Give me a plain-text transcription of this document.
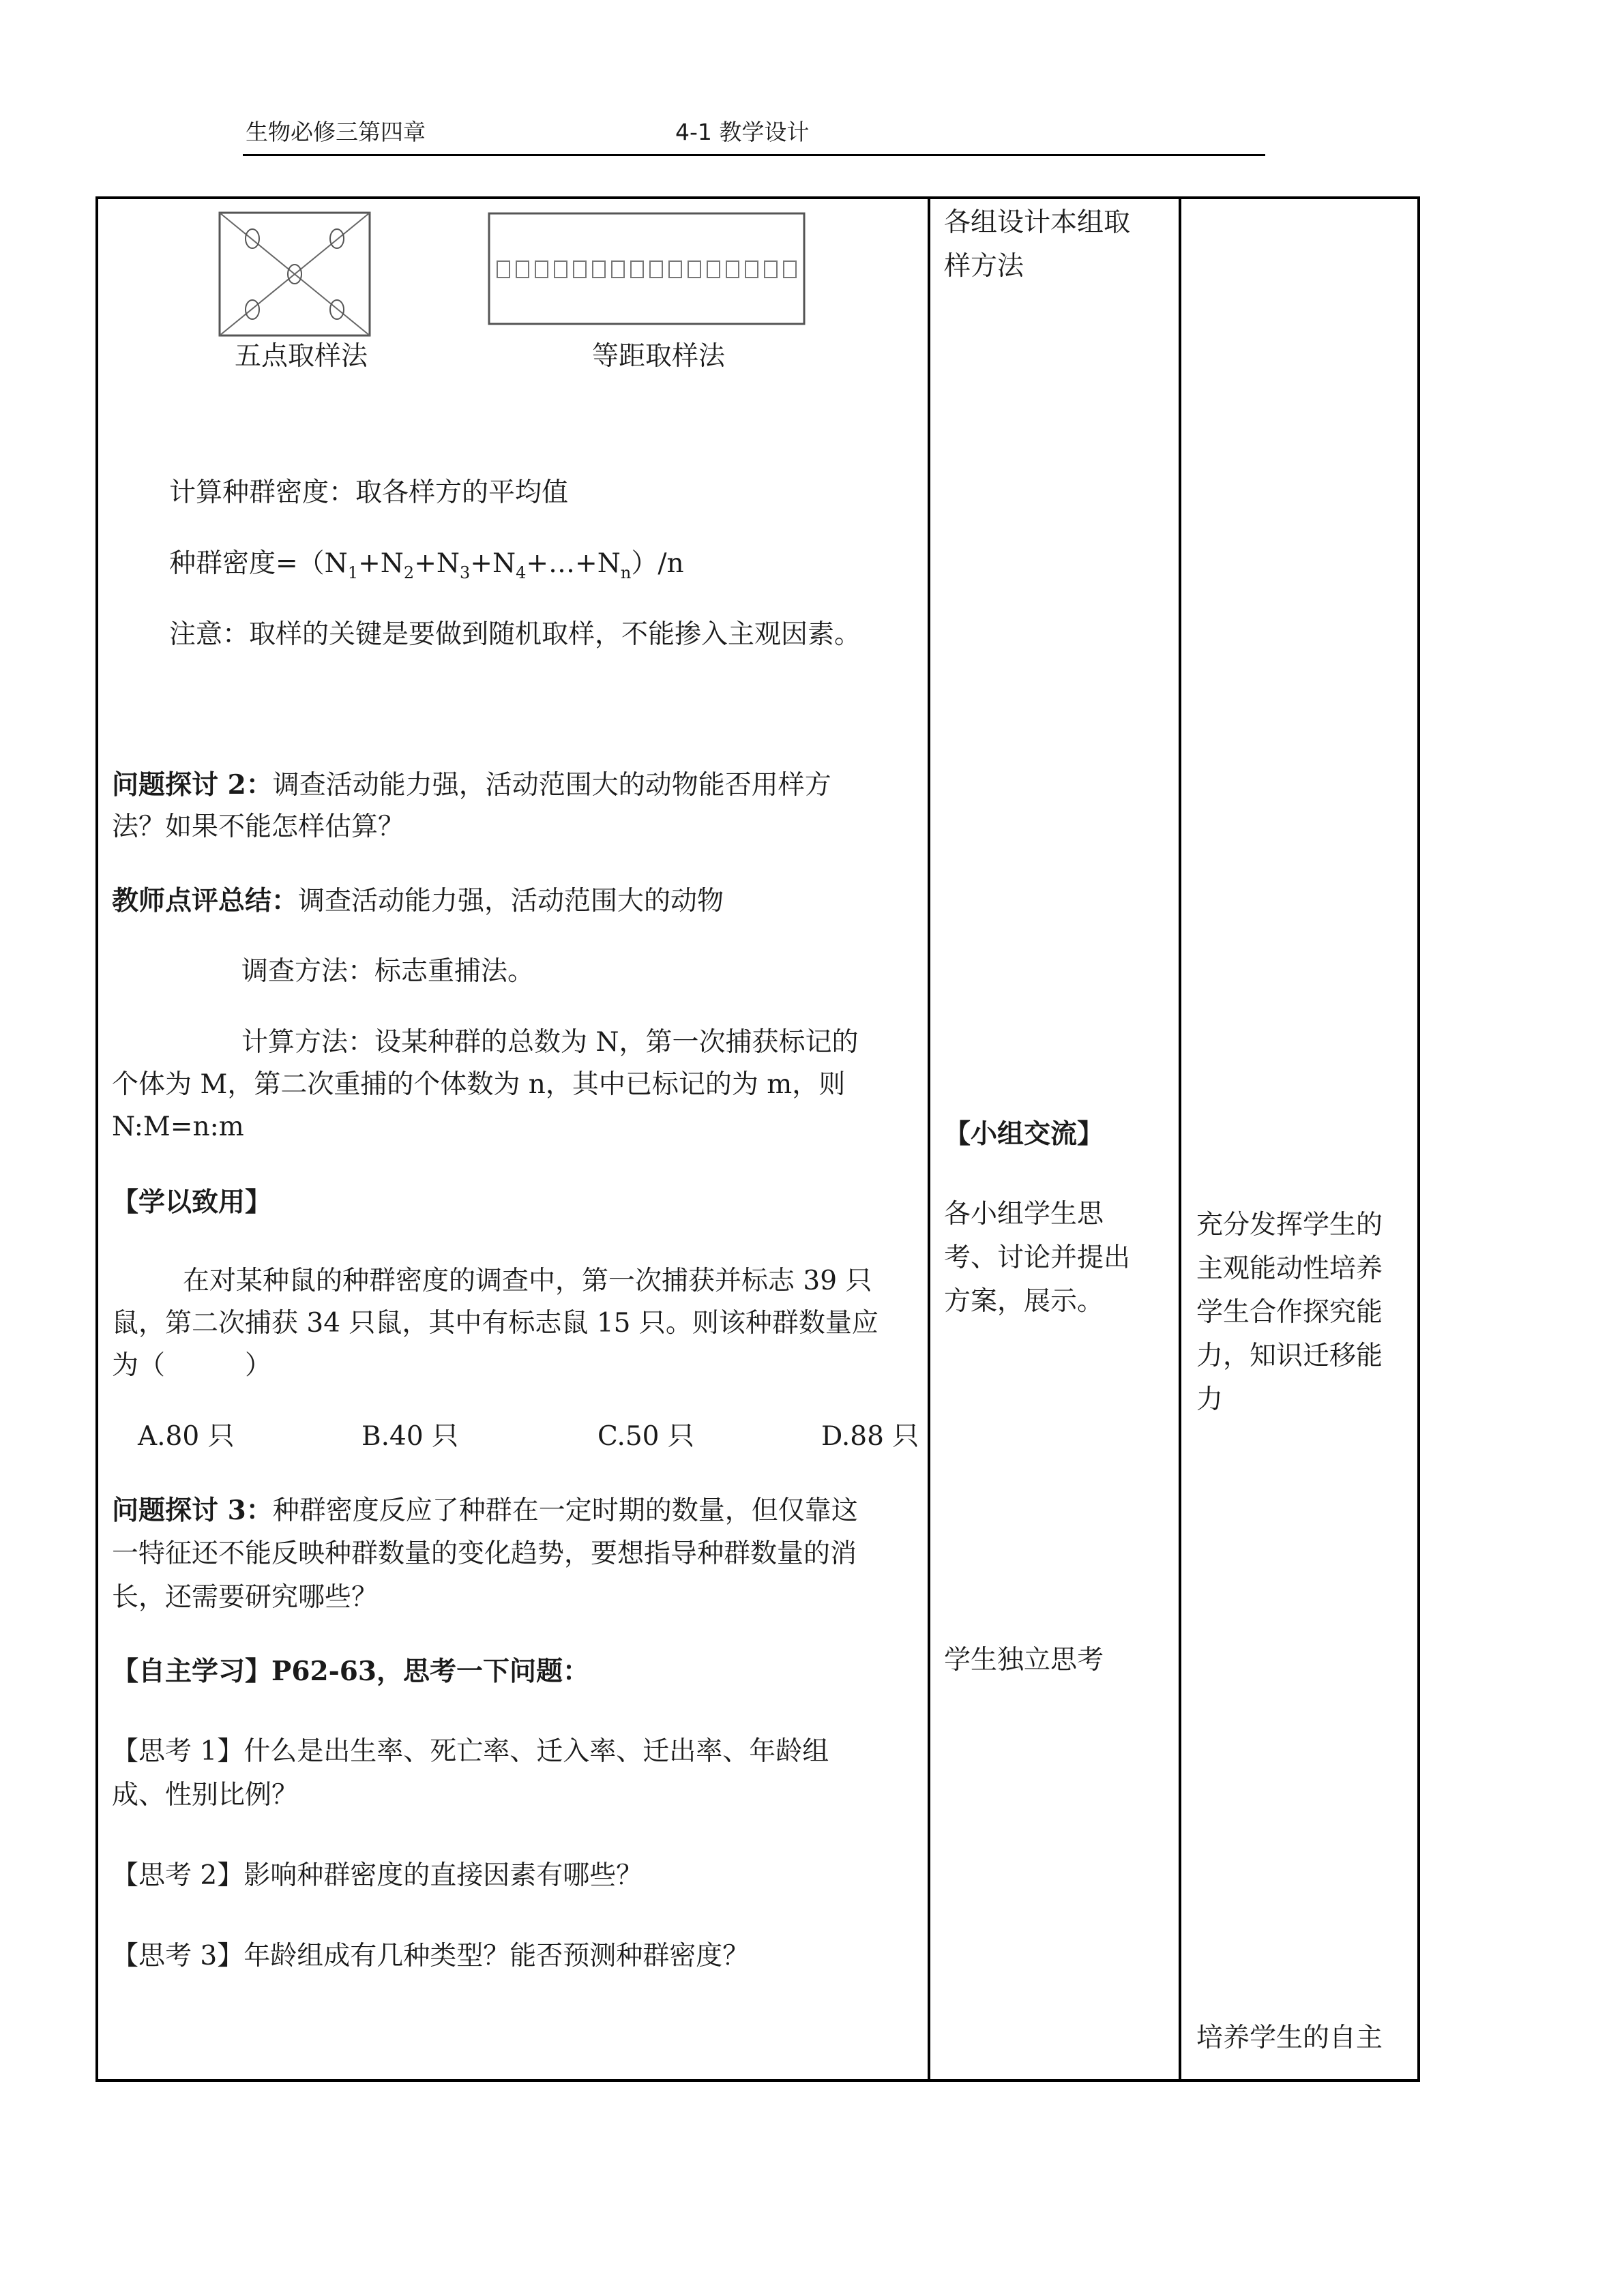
生物必修三第四章	4-1 教学设计
五点取样法	等距取样法
计算种群密度：取各样方的平均值
种群密度$=(N_1+N_2+N_3+N_4+\dots+N_n)/n$
注意：取样的关键是要做到随机取样，不能掺入主观因素。
问题探讨 2：调查活动能力强，活动范围大的动物能否用样方
法？如果不能怎样估算？
教师点评总结：调查活动能力强，活动范围大的动物
调查方法：标志重捕法。
计算方法：设某种群的总数为 N，第一次捕获标记的
个体为 M，第二次重捕的个体数为 n，其中已标记的为 m，则
N:M=n:m
【学以致用】
在对某种鼠的种群密度的调查中，第一次捕获并标志 39 只
鼠，第二次捕获 34 只鼠，其中有标志鼠 15 只。则该种群数量应
为（　　　）
A.80 只	B.40 只	C.50 只	D.88 只
问题探讨 3：种群密度反应了种群在一定时期的数量，但仅靠这
一特征还不能反映种群数量的变化趋势，要想指导种群数量的消
长，还需要研究哪些？
【自主学习】P62-63，思考一下问题：
【思考 1】什么是出生率、死亡率、迁入率、迁出率、年龄组
成、性别比例？
【思考 2】影响种群密度的直接因素有哪些？
【思考 3】年龄组成有几种类型？能否预测种群密度？
各组设计本组取
样方法
【小组交流】
各小组学生思
考、讨论并提出
方案，展示。
学生独立思考
充分发挥学生的
主观能动性培养
学生合作探究能
力，知识迁移能
力
培养学生的自主
